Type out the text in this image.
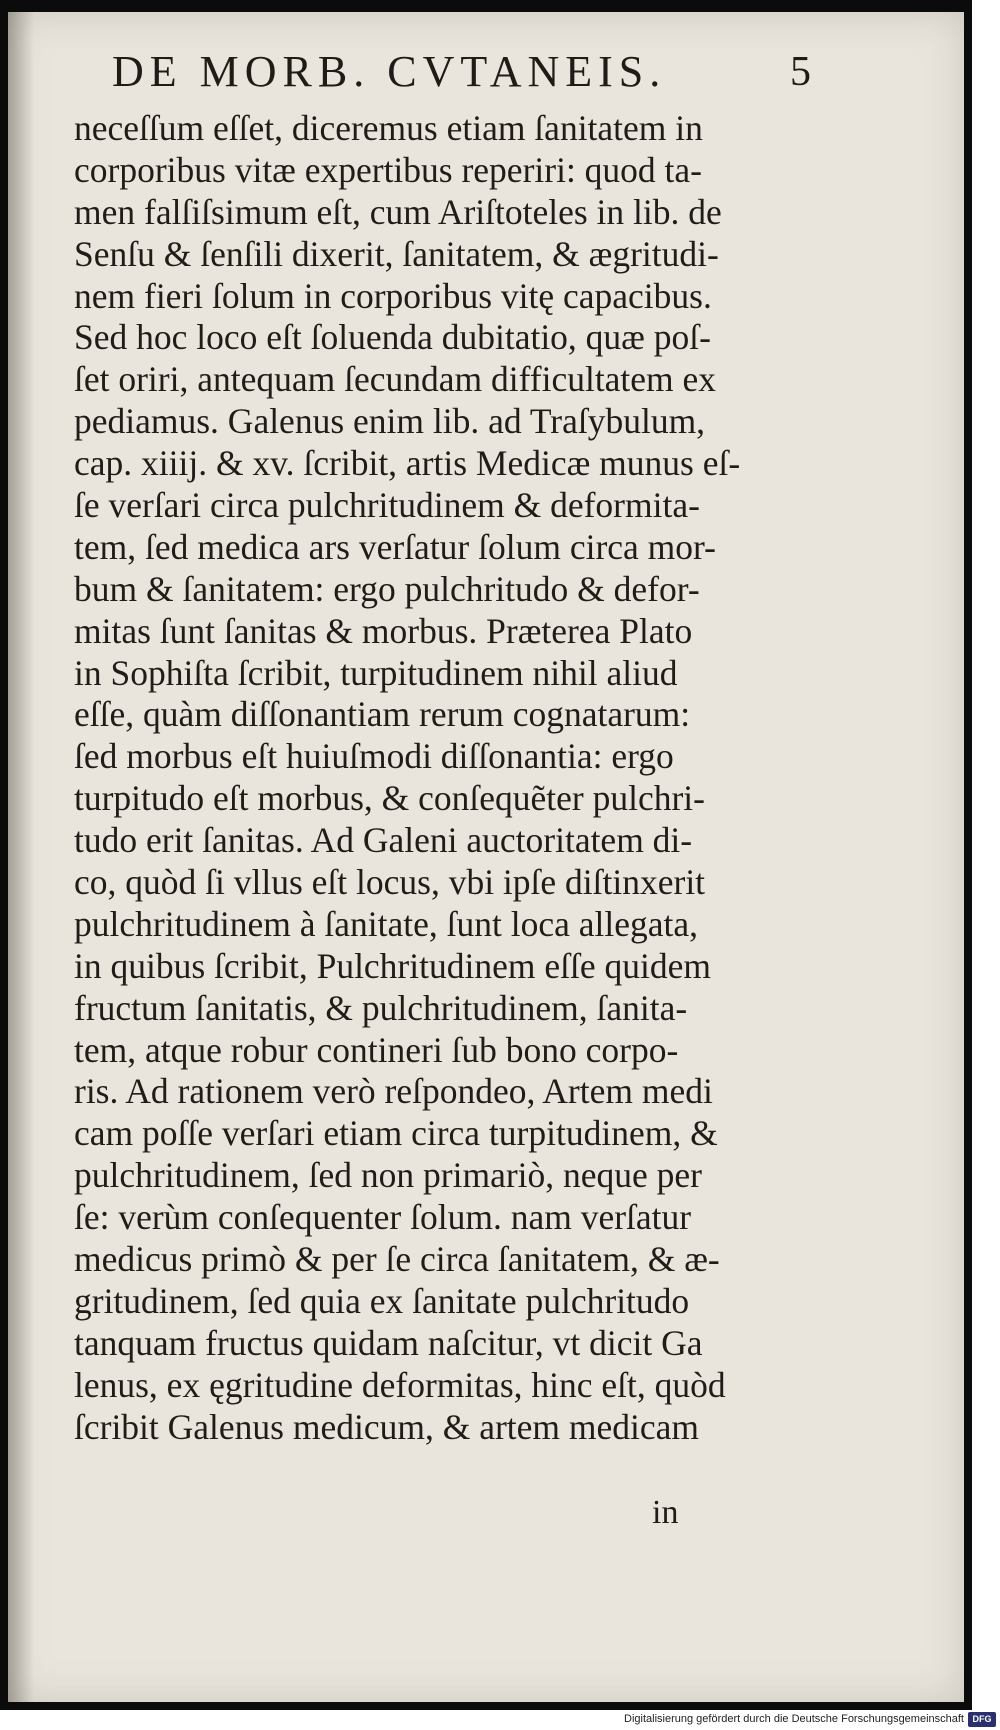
DE MORB. CVTANEIS.	5
neceſſum eſſet, diceremus etiam ſanitatem in
corporibus vitæ expertibus reperiri: quod ta-
men falſiſsimum eſt, cum Ariſtoteles in lib. de
Senſu & ſenſili dixerit, ſanitatem, & ægritudi-
nem fieri ſolum in corporibus vitę capacibus.
Sed hoc loco eſt ſoluenda dubitatio, quæ poſ-
ſet oriri, antequam ſecundam difficultatem ex
pediamus. Galenus enim lib. ad Traſybulum,
cap. xiiij. & xv. ſcribit, artis Medicæ munus eſ-
ſe verſari circa pulchritudinem & deformita-
tem, ſed medica ars verſatur ſolum circa mor-
bum & ſanitatem: ergo pulchritudo & defor-
mitas ſunt ſanitas & morbus. Præterea Plato
in Sophiſta ſcribit, turpitudinem nihil aliud
eſſe, quàm diſſonantiam rerum cognatarum:
ſed morbus eſt huiuſmodi diſſonantia: ergo
turpitudo eſt morbus, & conſequẽter pulchri-
tudo erit ſanitas. Ad Galeni auctoritatem di-
co, quòd ſi vllus eſt locus, vbi ipſe diſtinxerit
pulchritudinem à ſanitate, ſunt loca allegata,
in quibus ſcribit, Pulchritudinem eſſe quidem
fructum ſanitatis, & pulchritudinem, ſanita-
tem, atque robur contineri ſub bono corpo-
ris. Ad rationem verò reſpondeo, Artem medi
cam poſſe verſari etiam circa turpitudinem, &
pulchritudinem, ſed non primariò, neque per
ſe: verùm conſequenter ſolum. nam verſatur
medicus primò & per ſe circa ſanitatem, & æ-
gritudinem, ſed quia ex ſanitate pulchritudo
tanquam fructus quidam naſcitur, vt dicit Ga
lenus, ex ęgritudine deformitas, hinc eſt, quòd
ſcribit Galenus medicum, & artem medicam
in
Digitalisierung gefördert durch die Deutsche Forschungsgemeinschaft DFG
